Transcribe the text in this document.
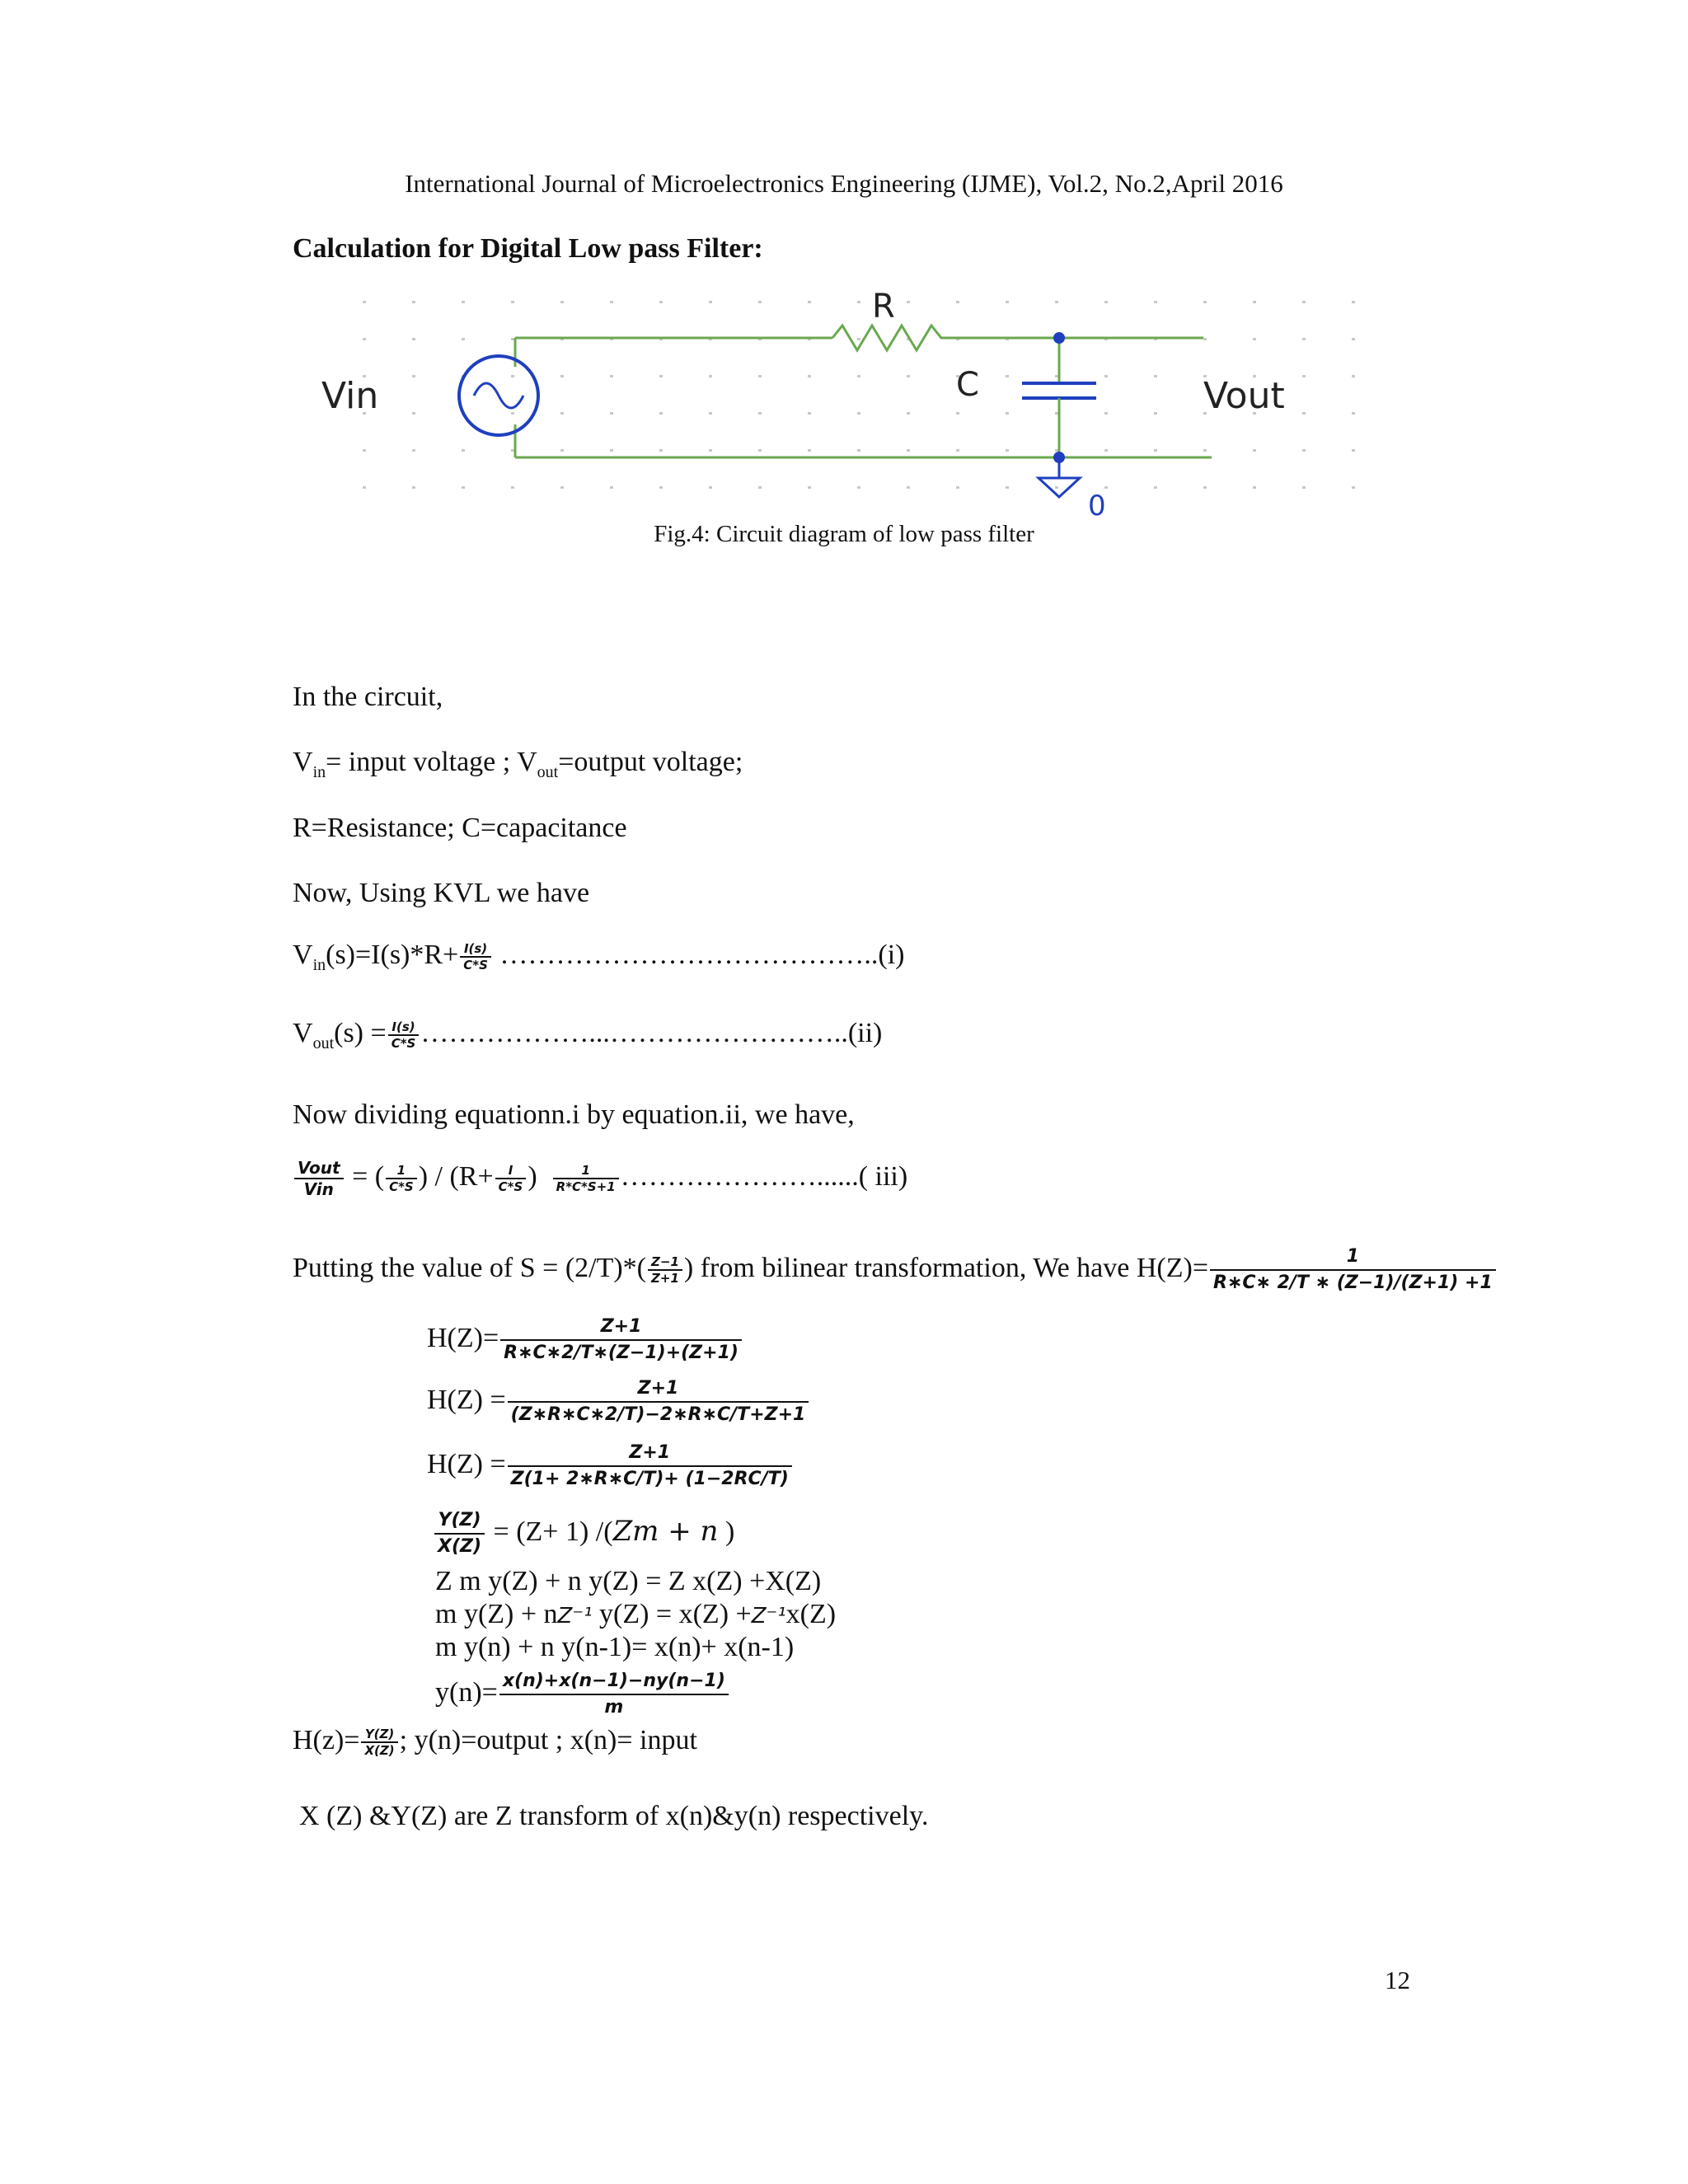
International Journal of Microelectronics Engineering (IJME), Vol.2, No.2,April 2016
Calculation for Digital Low pass Filter:
R
C
Vin	Vout
0
Fig.4: Circuit diagram of low pass filter
In the circuit,
$V_{in}=$ input voltage ; $V_{out}=output$ voltage;
R=Resistance; C=capacitance
Now, Using KVL we have
$V_{in}(s)=I(s)*R+ \frac{I(s)}{C*S}$ …………………………………..(i)
$V_{out}(s) = \frac{I(s)}{C*S}$ ………………...……………………..(ii)
Now dividing equationn.i by equation.ii, we have,
$\frac{\text{Vout}}{\text{Vin}}$ = ( $\frac{1}{C*S}$ ) / ($R+ \frac{I}{C*S}$ ) $\frac{1}{R*C*S+1}$ …………………......( iii)
Putting the value of $S = (2/T)*( \frac{Z-1}{Z+1}$ ) from bilinear transformation, We have $H(Z)= \frac{1}{R∗C∗ 2/T ∗ (Z-1)/(Z+1) +1}$
$H(Z)= \frac{Z+1}{R∗C∗2/T∗(Z-1)+(Z+1)}$
$H(Z) = \frac{Z+1}{(Z∗R∗C∗2/T)-2∗R∗C/T+Z+1}$
$H(Z) = \frac{Z+1}{Z(1+ 2∗R∗C/T)+ (1-2RC/T)}$
$\frac{Y(Z)}{X(Z)} = (Z+ 1) /(Zm + n$ )
Z m y(Z) + n y(Z) = Z x(Z) +X(Z)
m y(Z) + nZ⁻¹ y(Z) = x(Z) +Z⁻¹x(Z)
m y(n) + n y(n-1)= x(n)+ x(n-1)
$y(n)= \frac{x(n)+x(n-1)-ny(n-1)}{m}$
$H(z)= \frac{Y(Z)}{X(Z)}$ ; y(n)=output ; x(n)= input
X (Z) &Y(Z) are Z transform of x(n)&y(n) respectively.
12
